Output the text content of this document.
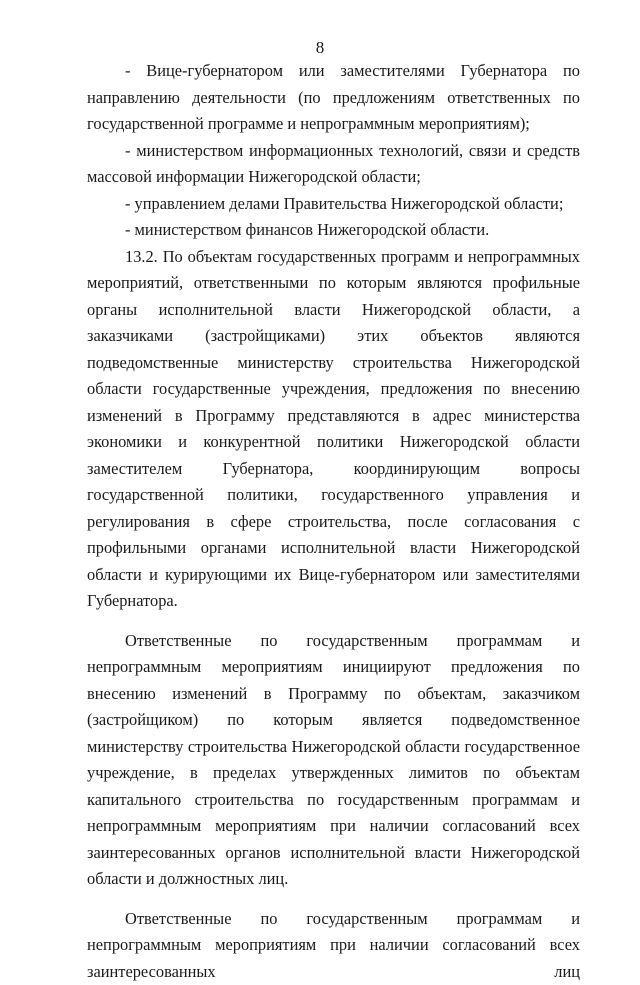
8

- Вице-губернатором или заместителями Губернатора по направлению деятельности (по предложениям ответственных по государственной программе и непрограммным мероприятиям);

- министерством информационных технологий, связи и средств массовой информации Нижегородской области;

- управлением делами Правительства Нижегородской области;

- министерством финансов Нижегородской области.

13.2. По объектам государственных программ и непрограммных мероприятий, ответственными по которым являются профильные органы исполнительной власти Нижегородской области, а заказчиками (застройщиками) этих объектов являются подведомственные министерству строительства Нижегородской области государственные учреждения, предложения по внесению изменений в Программу представляются в адрес министерства экономики и конкурентной политики Нижегородской области заместителем Губернатора, координирующим вопросы государственной политики, государственного управления и регулирования в сфере строительства, после согласования с профильными органами исполнительной власти Нижегородской области и курирующими их Вице-губернатором или заместителями Губернатора.

Ответственные по государственным программам и непрограммным мероприятиям инициируют предложения по внесению изменений в Программу по объектам, заказчиком (застройщиком) по которым является подведомственное министерству строительства Нижегородской области государственное учреждение, в пределах утвержденных лимитов по объектам капитального строительства по государственным программам и непрограммным мероприятиям при наличии согласований всех заинтересованных органов исполнительной власти Нижегородской области и должностных лиц.

Ответственные по государственным программам и непрограммным мероприятиям при наличии согласований всех заинтересованных лиц
